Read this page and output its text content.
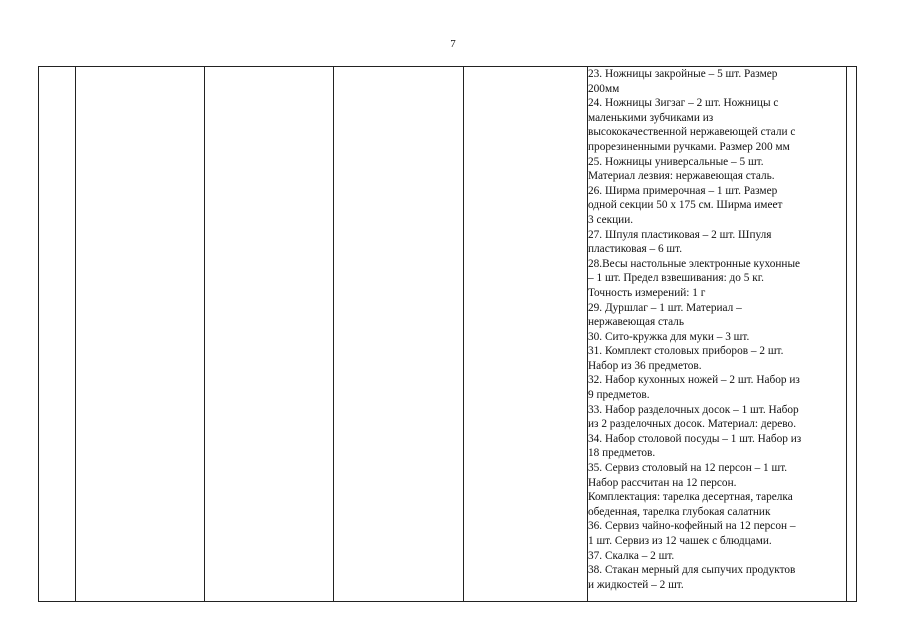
7

23. Ножницы закройные – 5 шт. Размер
200мм
24. Ножницы Зигзаг – 2 шт. Ножницы с
маленькими зубчиками из
высококачественной нержавеющей стали с
прорезиненными ручками. Размер 200 мм
25. Ножницы универсальные – 5 шт.
Материал лезвия: нержавеющая сталь.
26. Ширма примерочная – 1 шт. Размер
одной секции 50 х 175 см. Ширма имеет
3 секции.
27. Шпуля пластиковая – 2 шт. Шпуля
пластиковая – 6 шт.
28.Весы настольные электронные кухонные
– 1 шт. Предел взвешивания: до 5 кг.
Точность измерений: 1 г
29. Дуршлаг – 1 шт. Материал –
нержавеющая сталь
30. Сито-кружка для муки – 3 шт.
31. Комплект столовых приборов – 2 шт.
Набор из 36 предметов.
32. Набор кухонных ножей – 2 шт. Набор из
9 предметов.
33. Набор разделочных досок – 1 шт. Набор
из 2 разделочных досок. Материал: дерево.
34. Набор столовой посуды – 1 шт. Набор из
18 предметов.
35. Сервиз столовый на 12 персон – 1 шт.
Набор рассчитан на 12 персон.
Комплектация: тарелка десертная, тарелка
обеденная, тарелка глубокая салатник
36. Сервиз чайно-кофейный на 12 персон –
1 шт. Сервиз из 12 чашек с блюдцами.
37. Скалка – 2 шт.
38. Стакан мерный для сыпучих продуктов
и жидкостей – 2 шт.
